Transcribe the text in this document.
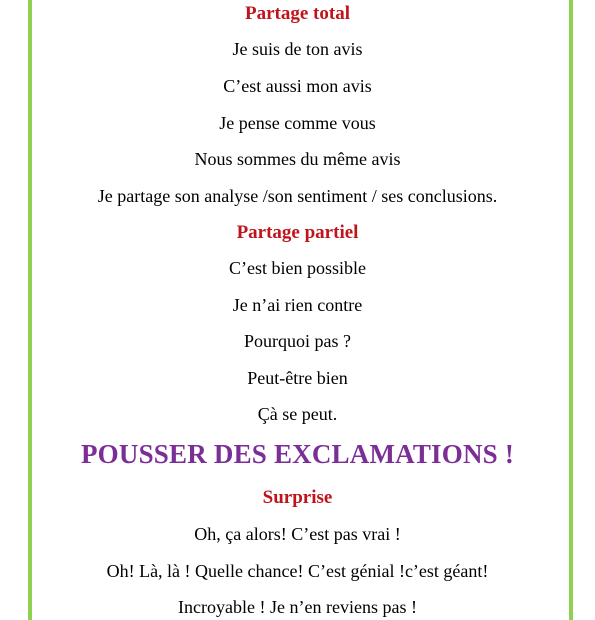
Partage total
Je suis de ton avis
C’est aussi mon avis
Je pense comme vous
Nous sommes du même avis
Je partage son analyse /son sentiment / ses conclusions.
Partage partiel
C’est bien possible
Je n’ai rien contre
Pourquoi pas ?
Peut-être bien
Çà se peut.
POUSSER DES EXCLAMATIONS !
Surprise
Oh, ça alors! C’est pas vrai !
Oh! Là, là ! Quelle chance! C’est génial !c’est géant!
Incroyable ! Je n’en reviens pas !
